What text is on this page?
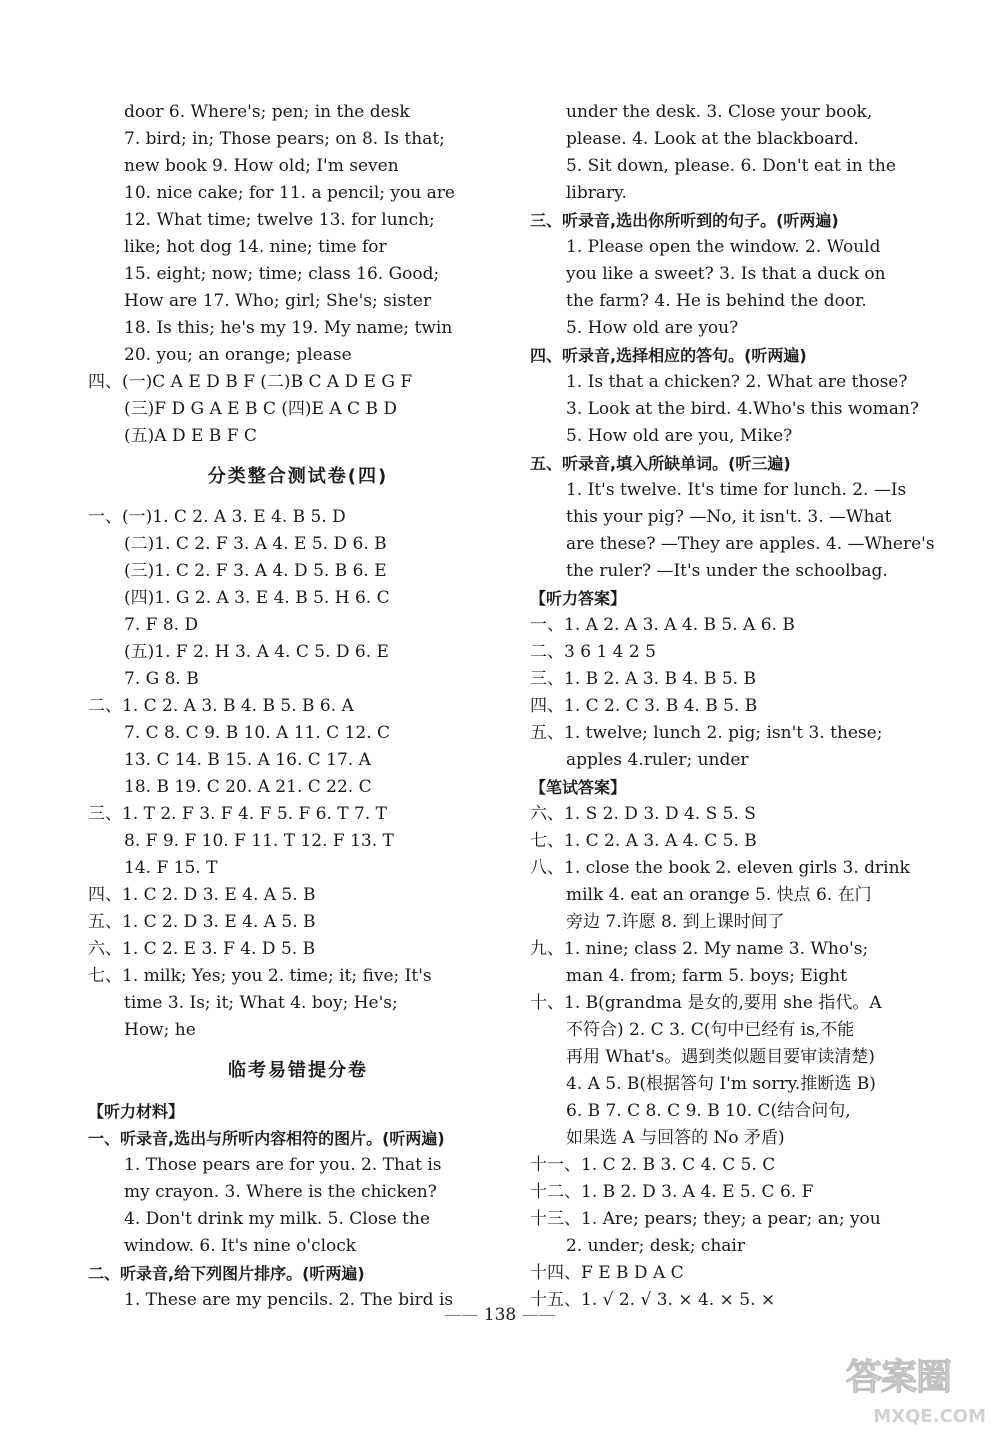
door 6. Where's; pen; in the desk
7. bird; in; Those pears; on 8. Is that;
new book 9. How old; I'm seven
10. nice cake; for 11. a pencil; you are
12. What time; twelve 13. for lunch;
like; hot dog 14. nine; time for
15. eight; now; time; class 16. Good;
How are 17. Who; girl; She's; sister
18. Is this; he's my 19. My name; twin
20. you; an orange; please
四、(一)C A E D B F (二)B C A D E G F
(三)F D G A E B C (四)E A C B D
(五)A D E B F C
分类整合测试卷(四)
一、(一)1. C 2. A 3. E 4. B 5. D
(二)1. C 2. F 3. A 4. E 5. D 6. B
(三)1. C 2. F 3. A 4. D 5. B 6. E
(四)1. G 2. A 3. E 4. B 5. H 6. C
7. F 8. D
(五)1. F 2. H 3. A 4. C 5. D 6. E
7. G 8. B
二、1. C 2. A 3. B 4. B 5. B 6. A
7. C 8. C 9. B 10. A 11. C 12. C
13. C 14. B 15. A 16. C 17. A
18. B 19. C 20. A 21. C 22. C
三、1. T 2. F 3. F 4. F 5. F 6. T 7. T
8. F 9. F 10. F 11. T 12. F 13. T
14. F 15. T
四、1. C 2. D 3. E 4. A 5. B
五、1. C 2. D 3. E 4. A 5. B
六、1. C 2. E 3. F 4. D 5. B
七、1. milk; Yes; you 2. time; it; five; It's
time 3. Is; it; What 4. boy; He's;
How; he
临考易错提分卷
【听力材料】
一、听录音,选出与所听内容相符的图片。(听两遍)
1. Those pears are for you. 2. That is
my crayon. 3. Where is the chicken?
4. Don't drink my milk. 5. Close the
window. 6. It's nine o'clock
二、听录音,给下列图片排序。(听两遍)
1. These are my pencils. 2. The bird is
under the desk. 3. Close your book,
please. 4. Look at the blackboard.
5. Sit down, please. 6. Don't eat in the
library.
三、听录音,选出你所听到的句子。(听两遍)
1. Please open the window. 2. Would
you like a sweet? 3. Is that a duck on
the farm? 4. He is behind the door.
5. How old are you?
四、听录音,选择相应的答句。(听两遍)
1. Is that a chicken? 2. What are those?
3. Look at the bird. 4.Who's this woman?
5. How old are you, Mike?
五、听录音,填入所缺单词。(听三遍)
1. It's twelve. It's time for lunch. 2. —Is
this your pig? —No, it isn't. 3. —What
are these? —They are apples. 4. —Where's
the ruler? —It's under the schoolbag.
【听力答案】
一、1. A 2. A 3. A 4. B 5. A 6. B
二、3 6 1 4 2 5
三、1. B 2. A 3. B 4. B 5. B
四、1. C 2. C 3. B 4. B 5. B
五、1. twelve; lunch 2. pig; isn't 3. these;
apples 4.ruler; under
【笔试答案】
六、1. S 2. D 3. D 4. S 5. S
七、1. C 2. A 3. A 4. C 5. B
八、1. close the book 2. eleven girls 3. drink
milk 4. eat an orange 5. 快点 6. 在门
旁边 7.许愿 8. 到上课时间了
九、1. nine; class 2. My name 3. Who's;
man 4. from; farm 5. boys; Eight
十、1. B(grandma 是女的,要用 she 指代。A
不符合) 2. C 3. C(句中已经有 is,不能
再用 What's。遇到类似题目要审读清楚)
4. A 5. B(根据答句 I'm sorry.推断选 B)
6. B 7. C 8. C 9. B 10. C(结合问句,
如果选 A 与回答的 No 矛盾)
十一、1. C 2. B 3. C 4. C 5. C
十二、1. B 2. D 3. A 4. E 5. C 6. F
十三、1. Are; pears; they; a pear; an; you
2. under; desk; chair
十四、F E B D A C
十五、1. √ 2. √ 3. × 4. × 5. ×
—— 138 ——
答案圈
MXQE.COM
